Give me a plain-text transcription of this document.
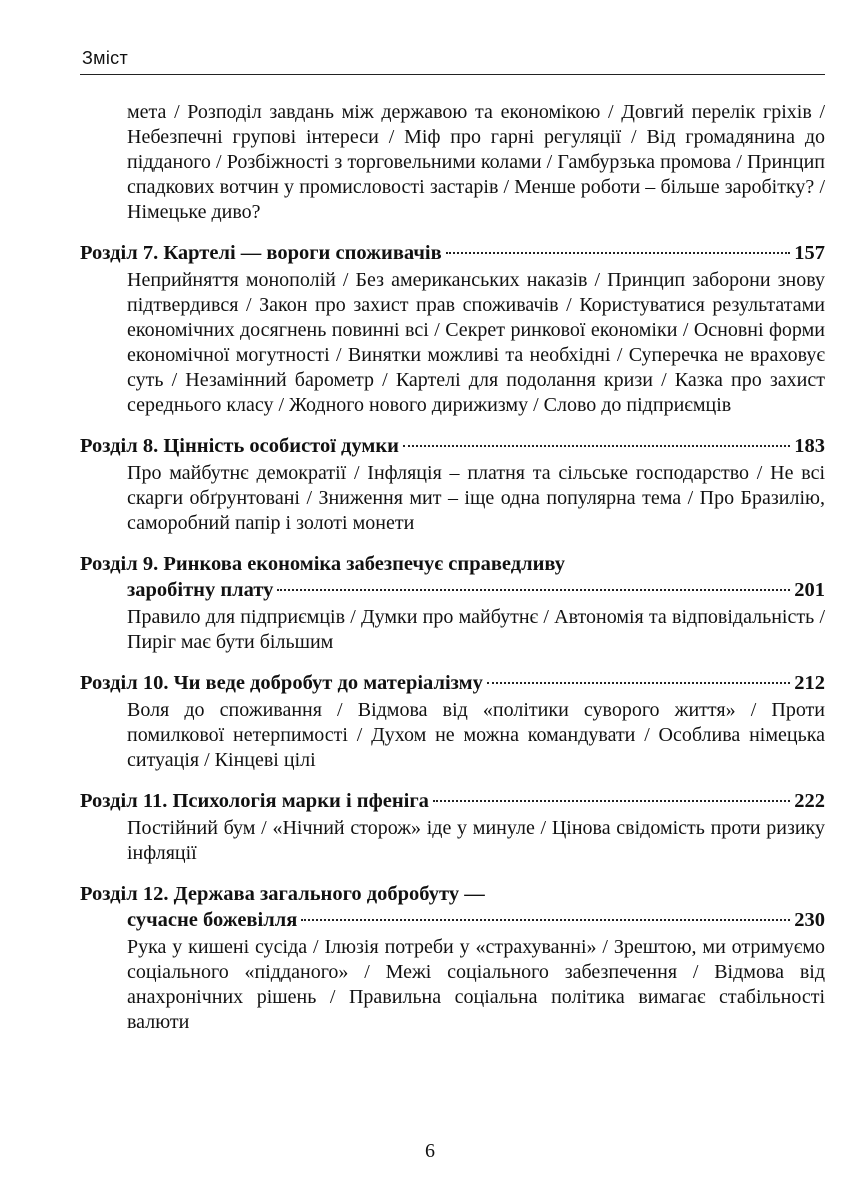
Зміст
мета / Розподіл завдань між державою та економікою / Довгий перелік гріхів / Небезпечні групові інтереси / Міф про гарні регуляції / Від громадянина до підданого / Розбіжності з торговельними колами / Гамбурзька промова / Принцип спадкових вотчин у промисловості застарів / Менше роботи – більше заробітку? / Німецьке диво?
Розділ 7. Картелі — вороги споживачів	157
Неприйняття монополій / Без американських наказів / Принцип заборони знову підтвердився / Закон про захист прав споживачів / Користуватися результатами економічних досягнень повинні всі / Секрет ринкової економіки / Основні форми економічної могутності / Винятки можливі та необхідні / Суперечка не враховує суть / Незамінний барометр / Картелі для подолання кризи / Казка про захист середнього класу / Жодного нового дирижизму / Слово до підприємців
Розділ 8. Цінність особистої думки	183
Про майбутнє демократії / Інфляція – платня та сільське господарство / Не всі скарги обґрунтовані / Зниження мит – іще одна популярна тема / Про Бразилію, саморобний папір і золоті монети
Розділ 9. Ринкова економіка забезпечує справедливу
заробітну плату	201
Правило для підприємців / Думки про майбутнє / Автономія та відповідальність / Пиріг має бути більшим
Розділ 10. Чи веде добробут до матеріалізму	212
Воля до споживання / Відмова від «політики суворого життя» / Проти помилкової нетерпимості / Духом не можна командувати / Особлива німецька ситуація / Кінцеві цілі
Розділ 11. Психологія марки і пфеніга	222
Постійний бум / «Нічний сторож» іде у минуле / Цінова свідомість проти ризику інфляції
Розділ 12. Держава загального добробуту —
сучасне божевілля	230
Рука у кишені сусіда / Ілюзія потреби у «страхуванні» / Зрештою, ми отримуємо соціального «підданого» / Межі соціального забезпечення / Відмова від анахронічних рішень / Правильна соціальна політика вимагає стабільності валюти
6
